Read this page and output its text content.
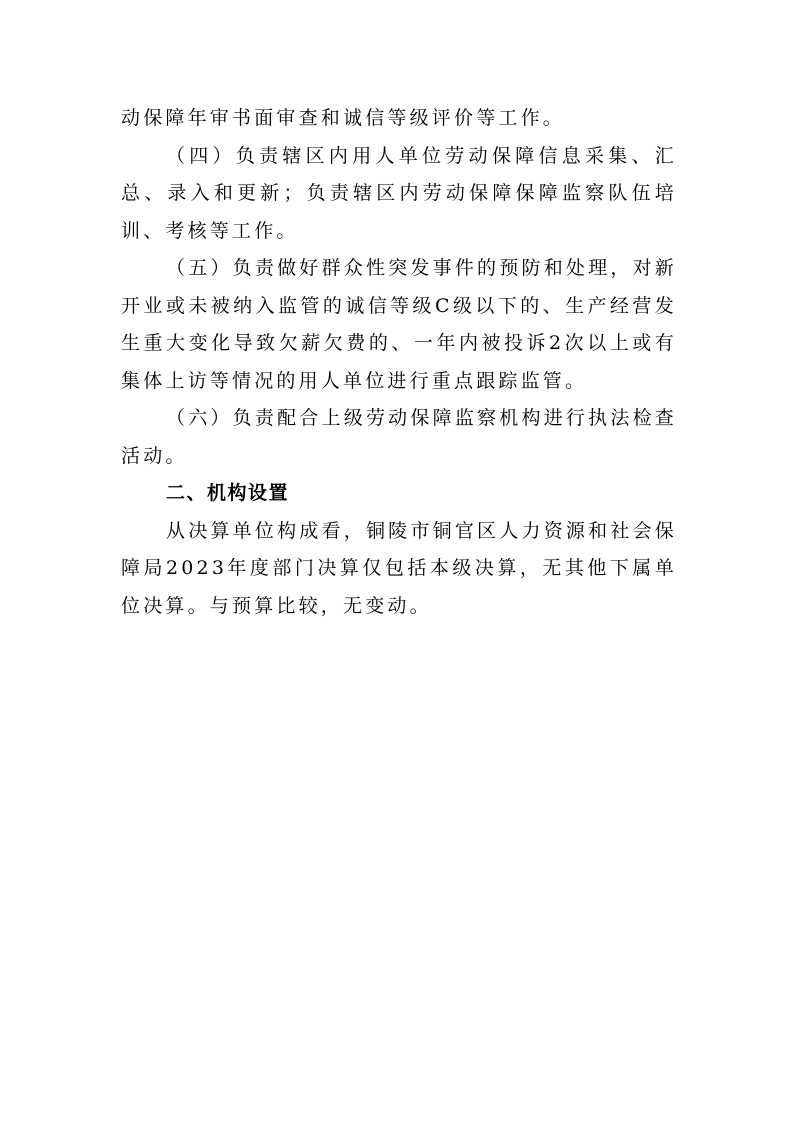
动保障年审书面审查和诚信等级评价等工作。

（四）负责辖区内用人单位劳动保障信息采集、汇总、录入和更新；负责辖区内劳动保障保障监察队伍培训、考核等工作。

（五）负责做好群众性突发事件的预防和处理，对新开业或未被纳入监管的诚信等级C级以下的、生产经营发生重大变化导致欠薪欠费的、一年内被投诉2次以上或有集体上访等情况的用人单位进行重点跟踪监管。

（六）负责配合上级劳动保障监察机构进行执法检查活动。

二、机构设置

从决算单位构成看，铜陵市铜官区人力资源和社会保障局2023年度部门决算仅包括本级决算，无其他下属单位决算。与预算比较，无变动。
